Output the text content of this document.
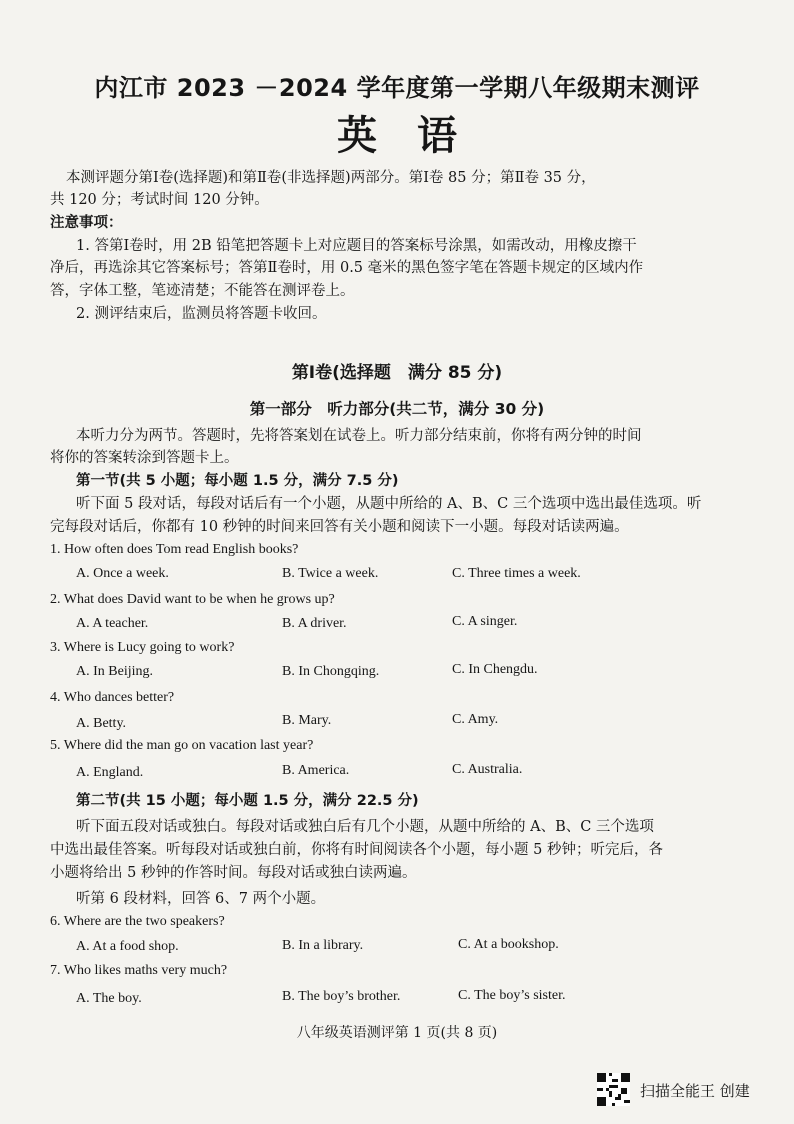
内江市 2023 －2024 学年度第一学期八年级期末测评
英语
本测评题分第Ⅰ卷(选择题)和第Ⅱ卷(非选择题)两部分。第Ⅰ卷 85 分；第Ⅱ卷 35 分，
共 120 分；考试时间 120 分钟。
注意事项：
1. 答第Ⅰ卷时，用 2B 铅笔把答题卡上对应题目的答案标号涂黑，如需改动，用橡皮擦干
净后，再选涂其它答案标号；答第Ⅱ卷时，用 0.5 毫米的黑色签字笔在答题卡规定的区域内作
答，字体工整，笔迹清楚；不能答在测评卷上。
2. 测评结束后，监测员将答题卡收回。
第Ⅰ卷(选择题　满分 85 分)
第一部分　听力部分(共二节，满分 30 分)
本听力分为两节。答题时，先将答案划在试卷上。听力部分结束前，你将有两分钟的时间
将你的答案转涂到答题卡上。
第一节(共 5 小题；每小题 1.5 分，满分 7.5 分)
听下面 5 段对话，每段对话后有一个小题，从题中所给的 A、B、C 三个选项中选出最佳选项。听
完每段对话后，你都有 10 秒钟的时间来回答有关小题和阅读下一小题。每段对话读两遍。
1. How often does Tom read English books?
A. Once a week.	B. Twice a week.	C. Three times a week.
2. What does David want to be when he grows up?
A. A teacher.	B. A driver.	C. A singer.
3. Where is Lucy going to work?
A. In Beijing.	B. In Chongqing.	C. In Chengdu.
4. Who dances better?
A. Betty.	B. Mary.	C. Amy.
5. Where did the man go on vacation last year?
A. England.	B. America.	C. Australia.
第二节(共 15 小题；每小题 1.5 分，满分 22.5 分)
听下面五段对话或独白。每段对话或独白后有几个小题，从题中所给的 A、B、C 三个选项
中选出最佳答案。听每段对话或独白前，你将有时间阅读各个小题，每小题 5 秒钟；听完后，各
小题将给出 5 秒钟的作答时间。每段对话或独白读两遍。
听第 6 段材料，回答 6、7 两个小题。
6. Where are the two speakers?
A. At a food shop.	B. In a library.	C. At a bookshop.
7. Who likes maths very much?
A. The boy.	B. The boy’s brother.	C. The boy’s sister.
八年级英语测评第 1 页(共 8 页)
扫描全能王 创建
